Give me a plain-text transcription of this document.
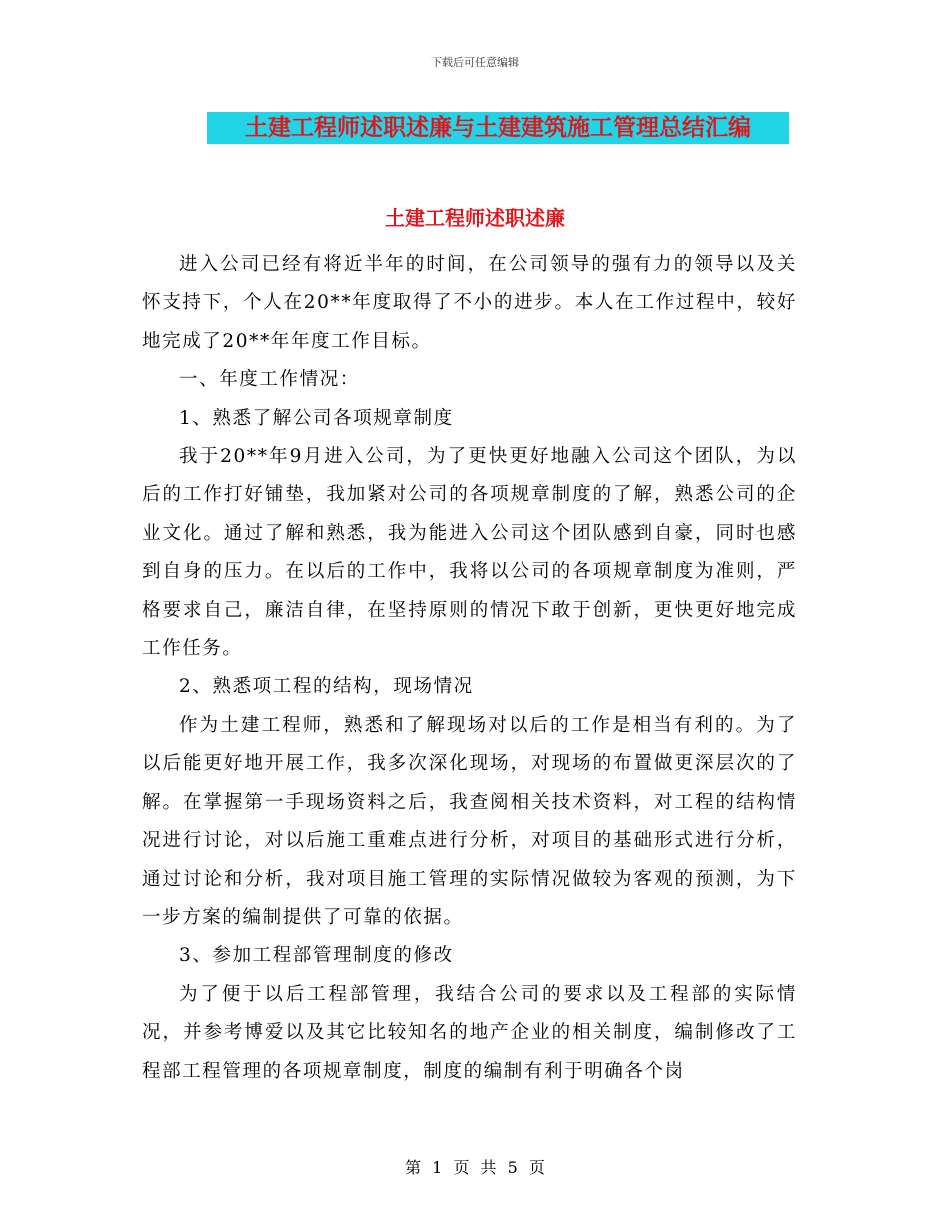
下载后可任意编辑
土建工程师述职述廉与土建建筑施工管理总结汇编
土建工程师述职述廉

进入公司已经有将近半年的时间，在公司领导的强有力的领导以及关怀支持下，个人在20**年度取得了不小的进步。本人在工作过程中，较好地完成了20**年年度工作目标。

一、年度工作情况：

1、熟悉了解公司各项规章制度

我于20**年9月进入公司，为了更快更好地融入公司这个团队，为以后的工作打好铺垫，我加紧对公司的各项规章制度的了解，熟悉公司的企业文化。通过了解和熟悉，我为能进入公司这个团队感到自豪，同时也感到自身的压力。在以后的工作中，我将以公司的各项规章制度为准则，严格要求自己，廉洁自律，在坚持原则的情况下敢于创新，更快更好地完成工作任务。

2、熟悉项工程的结构，现场情况

作为土建工程师，熟悉和了解现场对以后的工作是相当有利的。为了以后能更好地开展工作，我多次深化现场，对现场的布置做更深层次的了解。在掌握第一手现场资料之后，我查阅相关技术资料，对工程的结构情况进行讨论，对以后施工重难点进行分析，对项目的基础形式进行分析，通过讨论和分析，我对项目施工管理的实际情况做较为客观的预测，为下一步方案的编制提供了可靠的依据。

3、参加工程部管理制度的修改

为了便于以后工程部管理，我结合公司的要求以及工程部的实际情况，并参考博爱以及其它比较知名的地产企业的相关制度，编制修改了工程部工程管理的各项规章制度，制度的编制有利于明确各个岗

第 1 页 共 5 页
